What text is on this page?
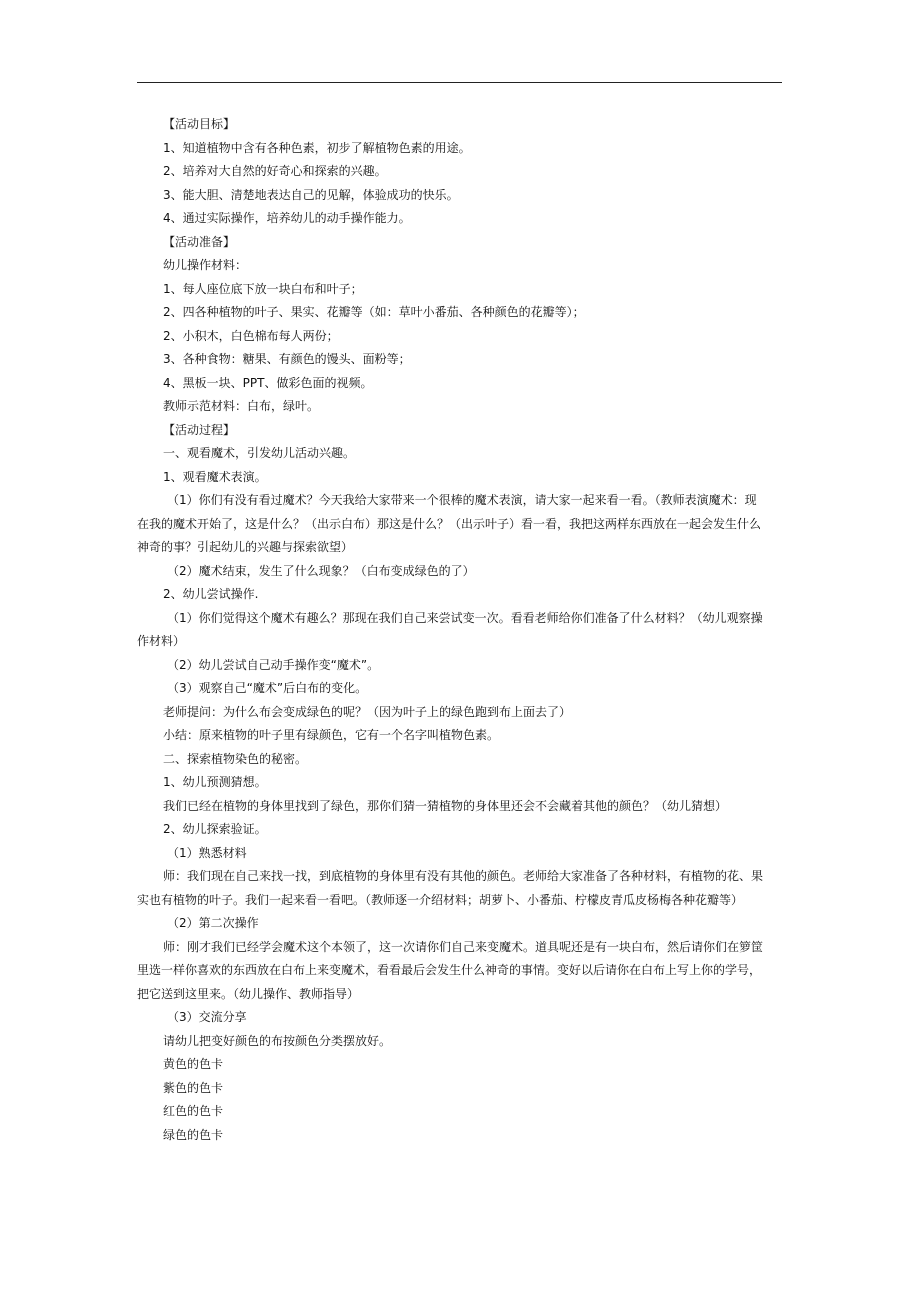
【活动目标】

1、知道植物中含有各种色素，初步了解植物色素的用途。

2、培养对大自然的好奇心和探索的兴趣。

3、能大胆、清楚地表达自己的见解，体验成功的快乐。

4、通过实际操作，培养幼儿的动手操作能力。

【活动准备】

幼儿操作材料：

1、每人座位底下放一块白布和叶子；

2、四各种植物的叶子、果实、花瓣等（如：草叶小番茄、各种颜色的花瓣等）；

2、小积木，白色棉布每人两份；

3、各种食物：糖果、有颜色的馒头、面粉等；

4、黑板一块、PPT、做彩色面的视频。

教师示范材料：白布，绿叶。

【活动过程】

一、观看魔术，引发幼儿活动兴趣。

1、观看魔术表演。

（1）你们有没有看过魔术？今天我给大家带来一个很棒的魔术表演，请大家一起来看一看。（教师表演魔术：现

在我的魔术开始了，这是什么？（出示白布）那这是什么？（出示叶子）看一看，我把这两样东西放在一起会发生什么

神奇的事？引起幼儿的兴趣与探索欲望）

（2）魔术结束，发生了什么现象？（白布变成绿色的了）

2、幼儿尝试操作.

（1）你们觉得这个魔术有趣么？那现在我们自己来尝试变一次。看看老师给你们准备了什么材料？（幼儿观察操

作材料）

（2）幼儿尝试自己动手操作变“魔术”。

（3）观察自己“魔术”后白布的变化。

老师提问：为什么布会变成绿色的呢？（因为叶子上的绿色跑到布上面去了）

小结：原来植物的叶子里有绿颜色，它有一个名字叫植物色素。

二、探索植物染色的秘密。

1、幼儿预测猜想。

我们已经在植物的身体里找到了绿色，那你们猜一猜植物的身体里还会不会藏着其他的颜色？（幼儿猜想）

2、幼儿探索验证。

（1）熟悉材料

师：我们现在自己来找一找，到底植物的身体里有没有其他的颜色。老师给大家准备了各种材料，有植物的花、果

实也有植物的叶子。我们一起来看一看吧。（教师逐一介绍材料；胡萝卜、小番茄、柠檬皮青瓜皮杨梅各种花瓣等）

（2）第二次操作

师：刚才我们已经学会魔术这个本领了，这一次请你们自己来变魔术。道具呢还是有一块白布，然后请你们在箩筐

里选一样你喜欢的东西放在白布上来变魔术，看看最后会发生什么神奇的事情。变好以后请你在白布上写上你的学号，

把它送到这里来。（幼儿操作、教师指导）

（3）交流分享

请幼儿把变好颜色的布按颜色分类摆放好。

黄色的色卡

紫色的色卡

红色的色卡

绿色的色卡
